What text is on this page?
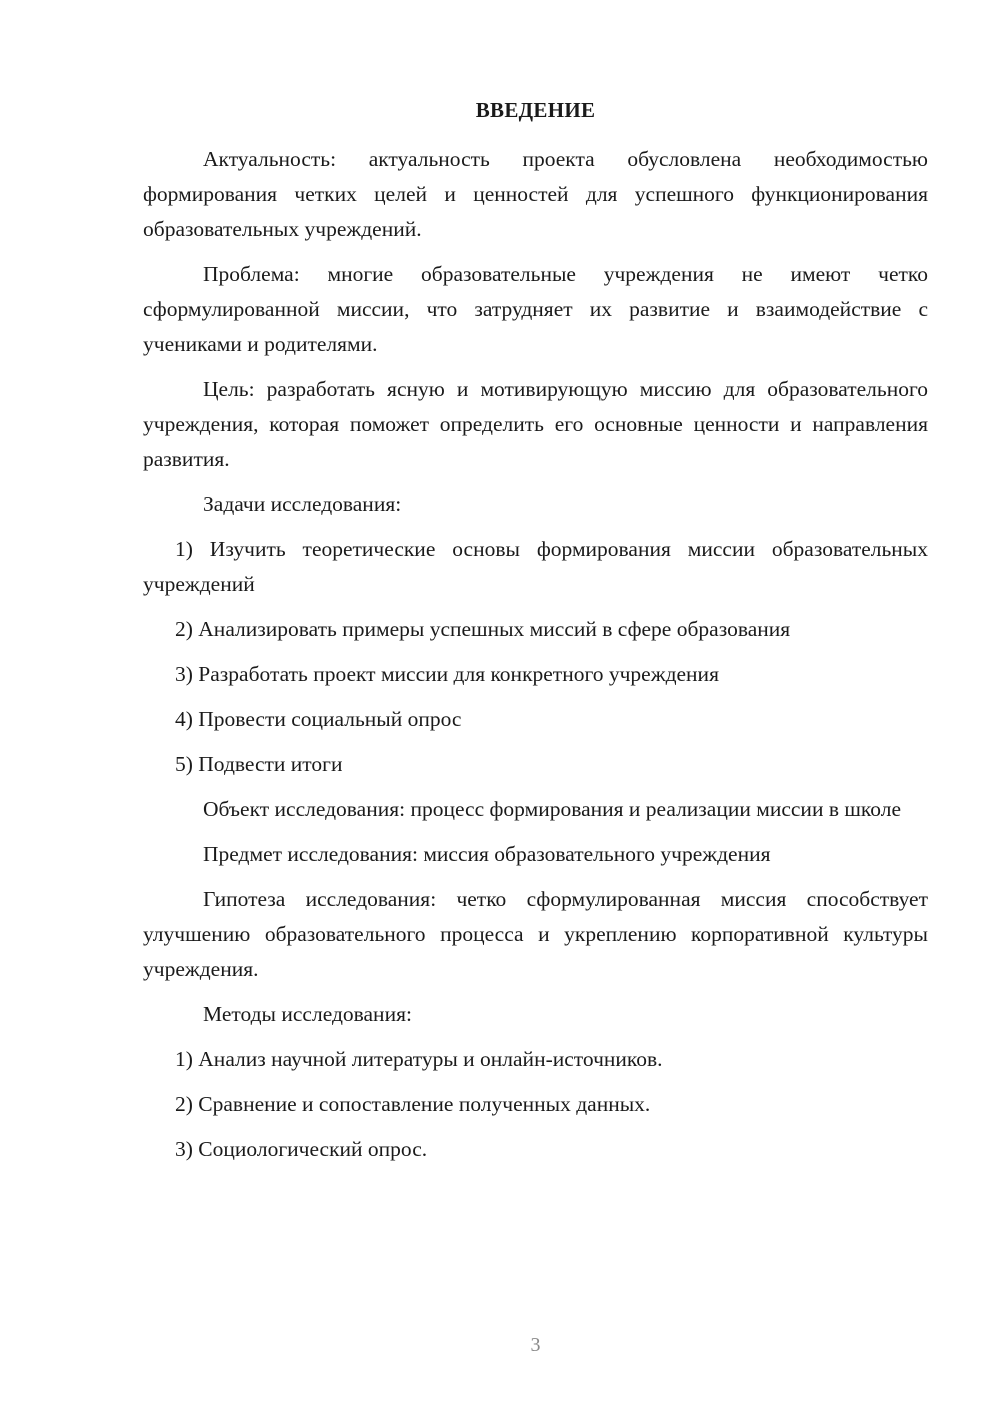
ВВЕДЕНИЕ

Актуальность: актуальность проекта обусловлена необходимостью формирования четких целей и ценностей для успешного функционирования образовательных учреждений.

Проблема: многие образовательные учреждения не имеют четко сформулированной миссии, что затрудняет их развитие и взаимодействие с учениками и родителями.

Цель: разработать ясную и мотивирующую миссию для образовательного учреждения, которая поможет определить его основные ценности и направления развития.

Задачи исследования:

1) Изучить теоретические основы формирования миссии образовательных учреждений

2) Анализировать примеры успешных миссий в сфере образования

3) Разработать проект миссии для конкретного учреждения

4) Провести социальный опрос

5) Подвести итоги

Объект исследования: процесс формирования и реализации миссии в школе

Предмет исследования: миссия образовательного учреждения

Гипотеза исследования: четко сформулированная миссия способствует улучшению образовательного процесса и укреплению корпоративной культуры учреждения.

Методы исследования:

1) Анализ научной литературы и онлайн-источников.

2) Сравнение и сопоставление полученных данных.

3) Социологический опрос.

3
